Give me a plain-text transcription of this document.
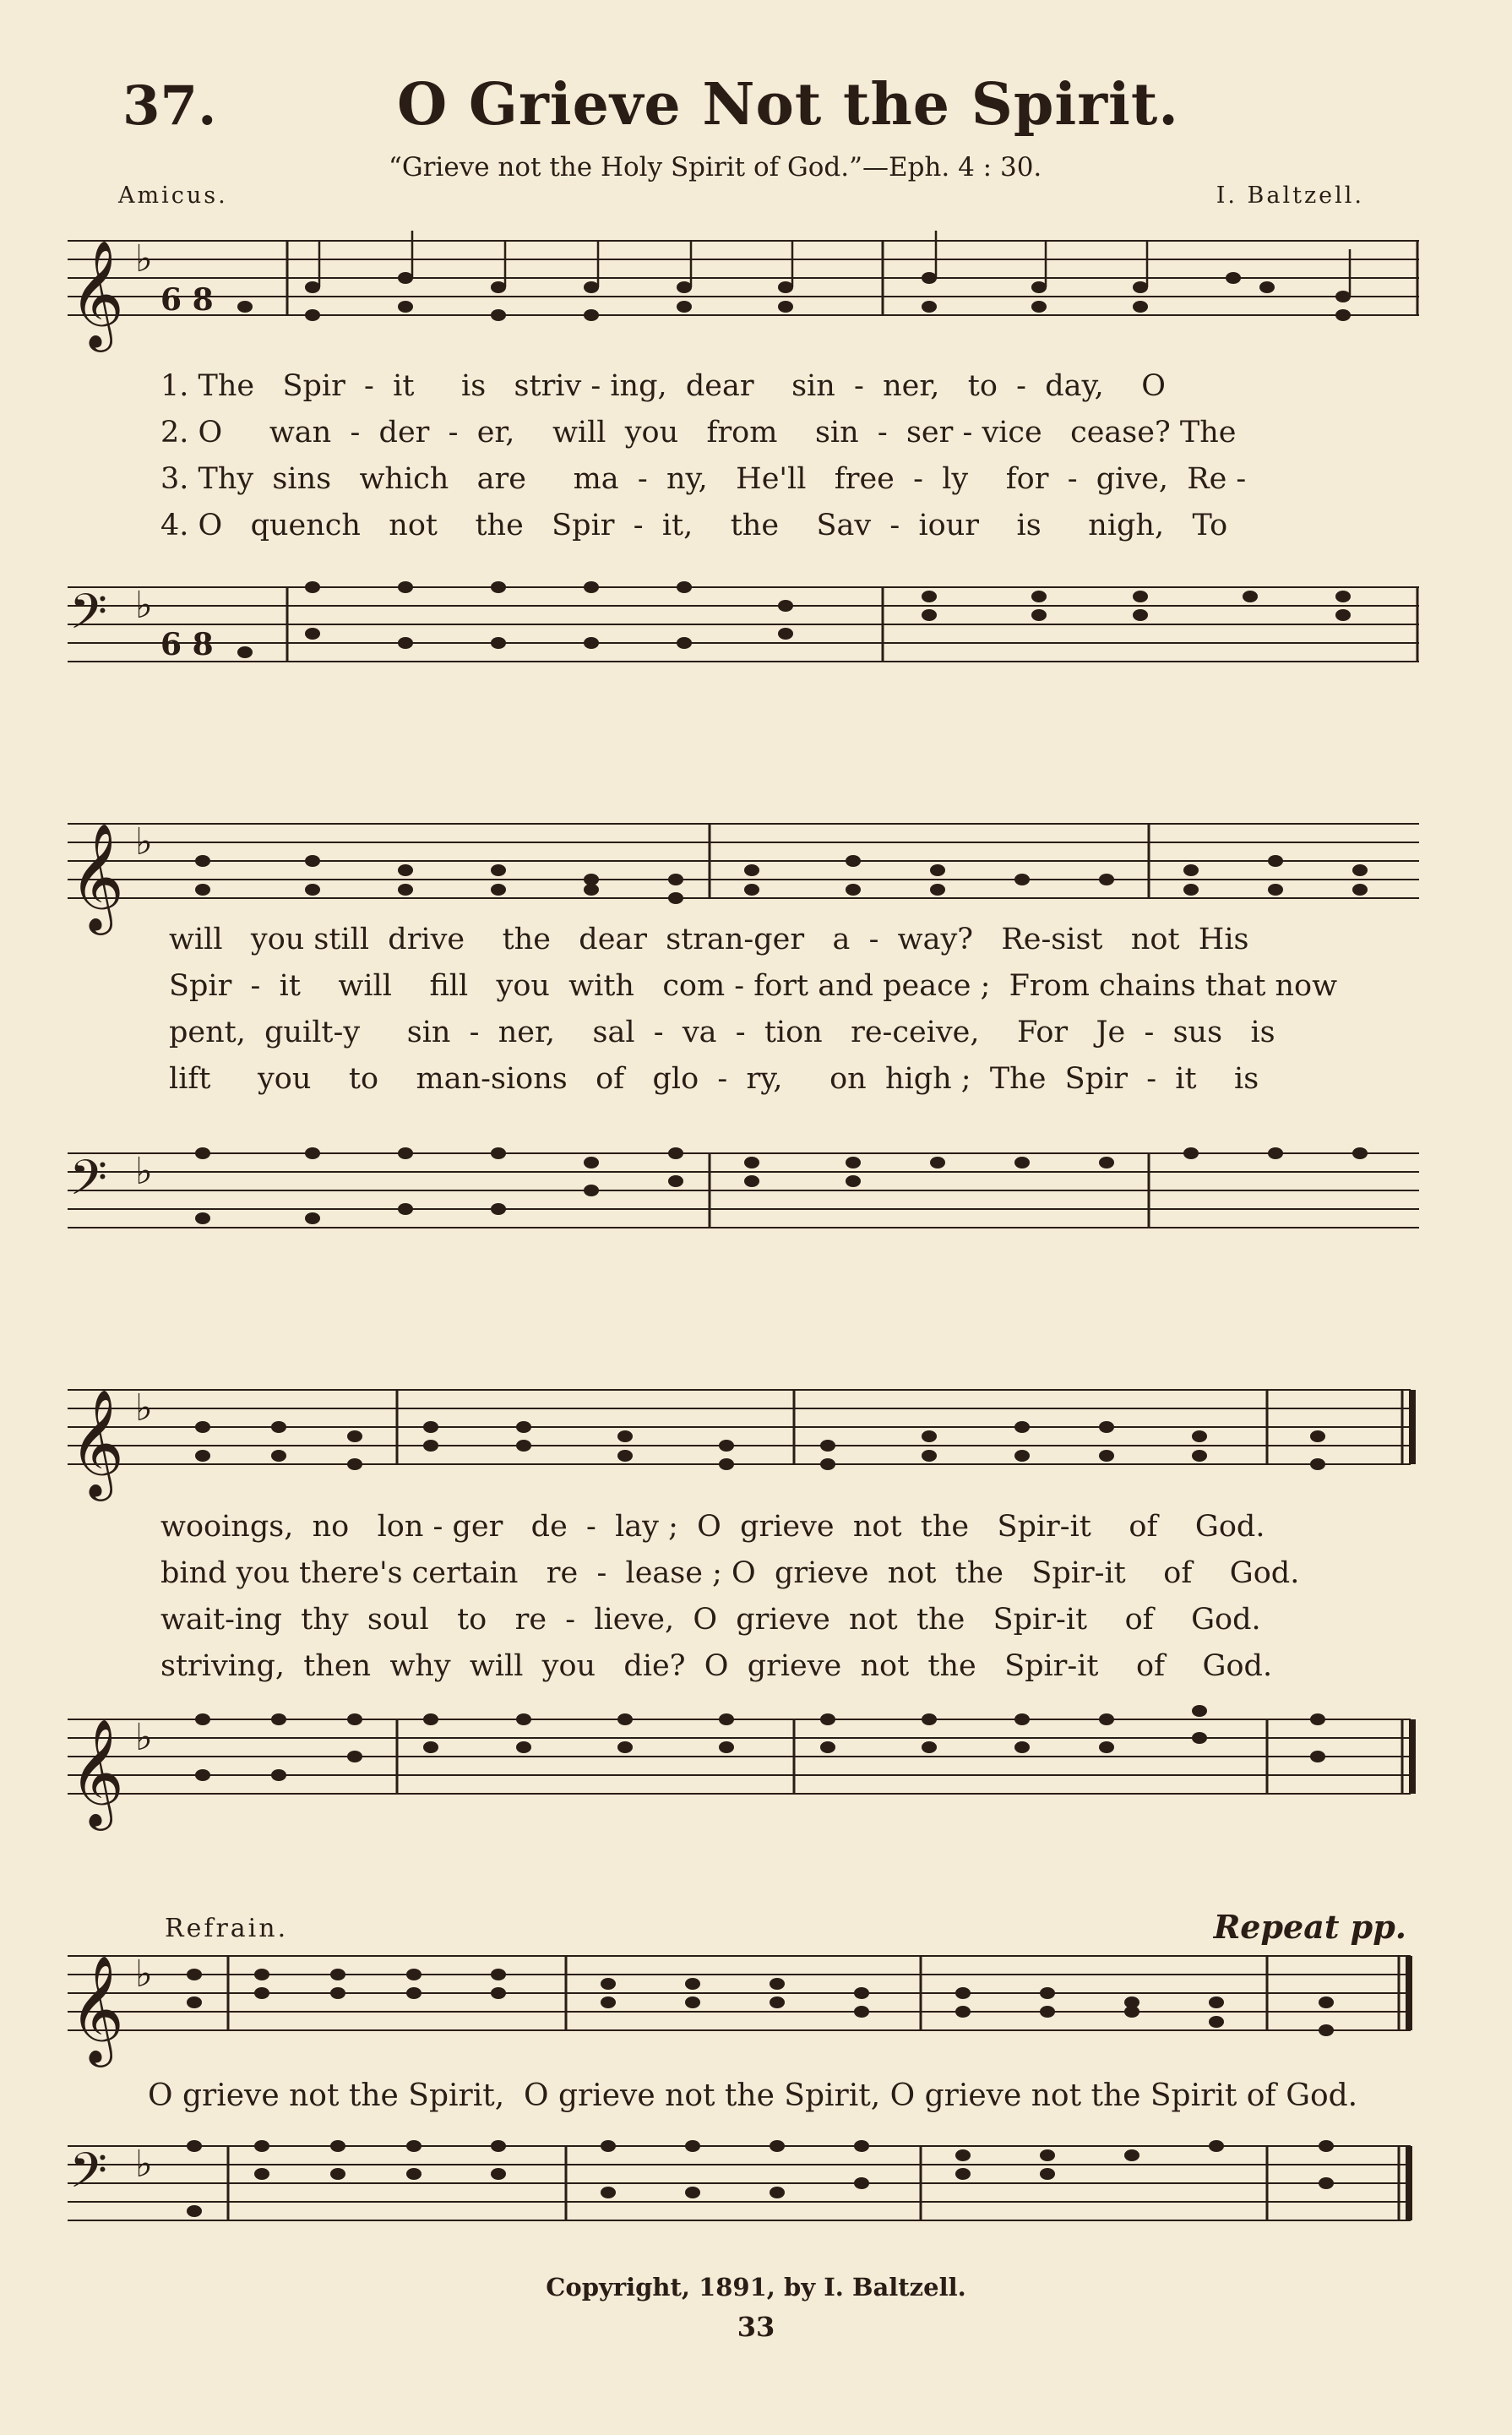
37.	O Grieve Not the Spirit.
“Grieve not the Holy Spirit of God.”—Eph. 4 : 30.
Amicus.	I. Baltzell.
𝄞 ♭
6 8
𝄢 ♭
6 8
1. The   Spir  -  it     is   striv - ing,  dear    sin  -  ner,   to  -  day,    O
2. O     wan  -  der  -  er,    will  you   from    sin  -  ser - vice   cease? The
3. Thy  sins   which   are     ma  -  ny,   He'll   free  -  ly    for  -  give,  Re -
4. O   quench   not    the   Spir  -  it,    the    Sav  -  iour    is     nigh,   To
𝄞 ♭
𝄢 ♭
will   you still  drive    the   dear  stran-ger   a  -  way?   Re-sist   not  His
Spir  -  it    will    fill   you  with   com - fort and peace ;  From chains that now
pent,  guilt-y     sin  -  ner,    sal  -  va  -  tion   re-ceive,    For   Je  -  sus   is
lift     you    to    man-sions   of   glo  -  ry,     on  high ;  The  Spir  -  it    is
𝄞 ♭
𝄞 ♭
wooings,  no   lon - ger   de  -  lay ;  O  grieve  not  the   Spir-it    of    God.
bind you there's certain   re  -  lease ; O  grieve  not  the   Spir-it    of    God.
wait-ing  thy  soul   to   re  -  lieve,  O  grieve  not  the   Spir-it    of    God.
striving,  then  why  will  you   die?  O  grieve  not  the   Spir-it    of    God.
Refrain.	Repeat pp.
𝄞 ♭
𝄢 ♭
O grieve not the Spirit,  O grieve not the Spirit, O grieve not the Spirit of God.
Copyright, 1891, by I. Baltzell.
33
